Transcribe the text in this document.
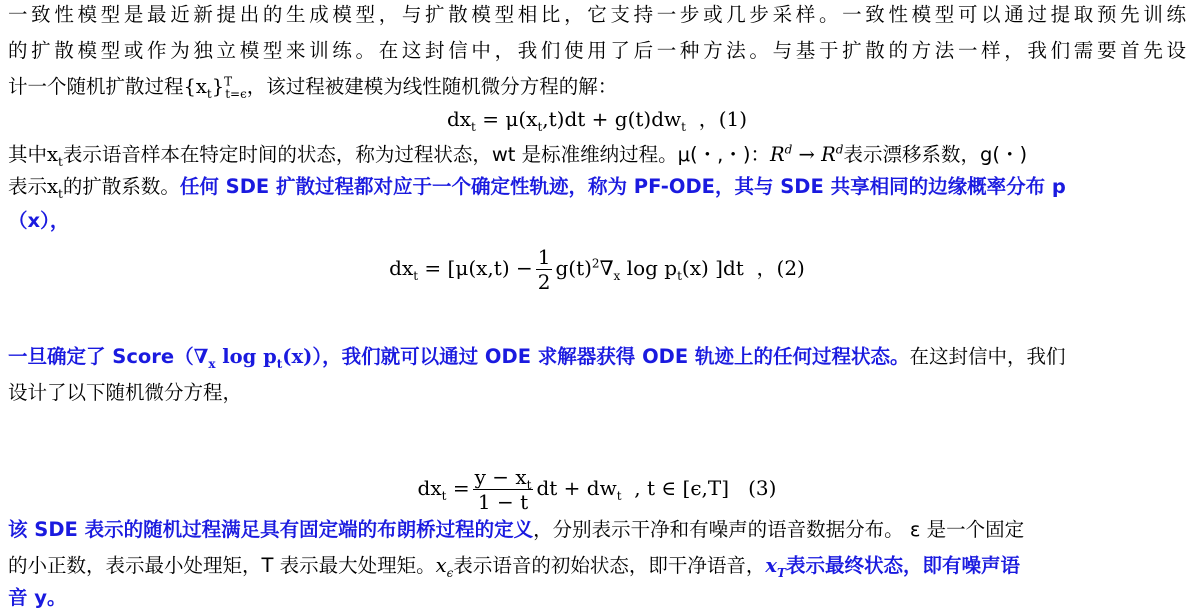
一致性模型是最近新提出的生成模型，与扩散模型相比，它支持一步或几步采样。一致性模型可以通过提取预先训练
的扩散模型或作为独立模型来训练。在这封信中，我们使用了后一种方法。与基于扩散的方法一样，我们需要首先设
计一个随机扩散过程$\{x_t\}^T_{t=\epsilon}$，该过程被建模为线性随机微分方程的解：
$dx_t = \mu(x_t,t)dt + g(t)dw_t$ ，(1)
其中$x_t$表示语音样本在特定时间的状态，称为过程状态，wt 是标准维纳过程。μ(・,・)：$R^d \to R^d$表示漂移系数，g(・)
表示$x_t$的扩散系数。任何 SDE 扩散过程都对应于一个确定性轨迹，称为 PF-ODE，其与 SDE 共享相同的边缘概率分布 p
（x），
$dx_t = [\mu(x,t) - \frac{1}{2} g(t)^2\nabla_x$ $\log p_t(x)$ ]dt  ，(2)
一旦确定了 $Score(\nabla_x$ $\log p_t(x)$），我们就可以通过 ODE 求解器获得 ODE 轨迹上的任何过程状态。在这封信中，我们
设计了以下随机微分方程，
$dx_t = \frac{y - x_t}{1 - t}$ dt + $dw_t$  , t ∈ [ϵ,T]   (3)
该 SDE 表示的随机过程满足具有固定端的布朗桥过程的定义，分别表示干净和有噪声的语音数据分布。 ε 是一个固定
的小正数，表示最小处理矩，T 表示最大处理矩。$x_\epsilon$表示语音的初始状态，即干净语音，$x_T$表示最终状态，即有噪声语
音 y。
